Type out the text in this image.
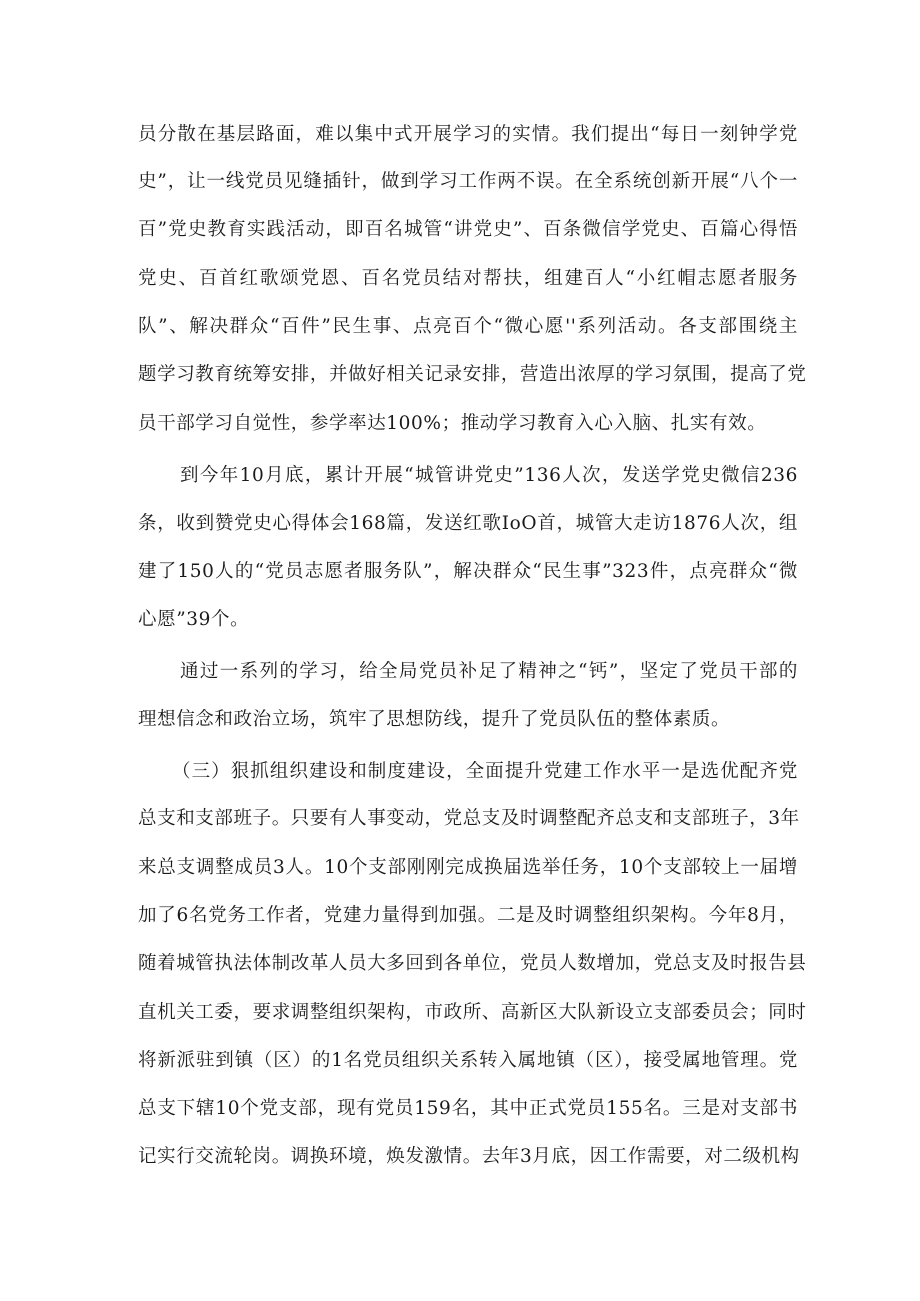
员分散在基层路面，难以集中式开展学习的实情。我们提出“每日一刻钟学党
史”，让一线党员见缝插针，做到学习工作两不误。在全系统创新开展“八个一
百”党史教育实践活动，即百名城管“讲党史”、百条微信学党史、百篇心得悟
党史、百首红歌颂党恩、百名党员结对帮扶，组建百人“小红帽志愿者服务
队”、解决群众“百件”民生事、点亮百个“微心愿''系列活动。各支部围绕主
题学习教育统筹安排，并做好相关记录安排，营造出浓厚的学习氛围，提高了党
员干部学习自觉性，参学率达100%；推动学习教育入心入脑、扎实有效。
到今年10月底，累计开展“城管讲党史”136人次，发送学党史微信236
条，收到赞党史心得体会168篇，发送红歌IoO首，城管大走访1876人次，组
建了150人的“党员志愿者服务队”，解决群众“民生事”323件，点亮群众“微
心愿”39个。
通过一系列的学习，给全局党员补足了精神之“钙”，坚定了党员干部的
理想信念和政治立场，筑牢了思想防线，提升了党员队伍的整体素质。
（三）狠抓组织建设和制度建设，全面提升党建工作水平一是选优配齐党
总支和支部班子。只要有人事变动，党总支及时调整配齐总支和支部班子，3年
来总支调整成员3人。10个支部刚刚完成换届选举任务，10个支部较上一届增
加了6名党务工作者，党建力量得到加强。二是及时调整组织架构。今年8月，
随着城管执法体制改革人员大多回到各单位，党员人数增加，党总支及时报告县
直机关工委，要求调整组织架构，市政所、高新区大队新设立支部委员会；同时
将新派驻到镇（区）的1名党员组织关系转入属地镇（区），接受属地管理。党
总支下辖10个党支部，现有党员159名，其中正式党员155名。三是对支部书
记实行交流轮岗。调换环境，焕发激情。去年3月底，因工作需要，对二级机构
